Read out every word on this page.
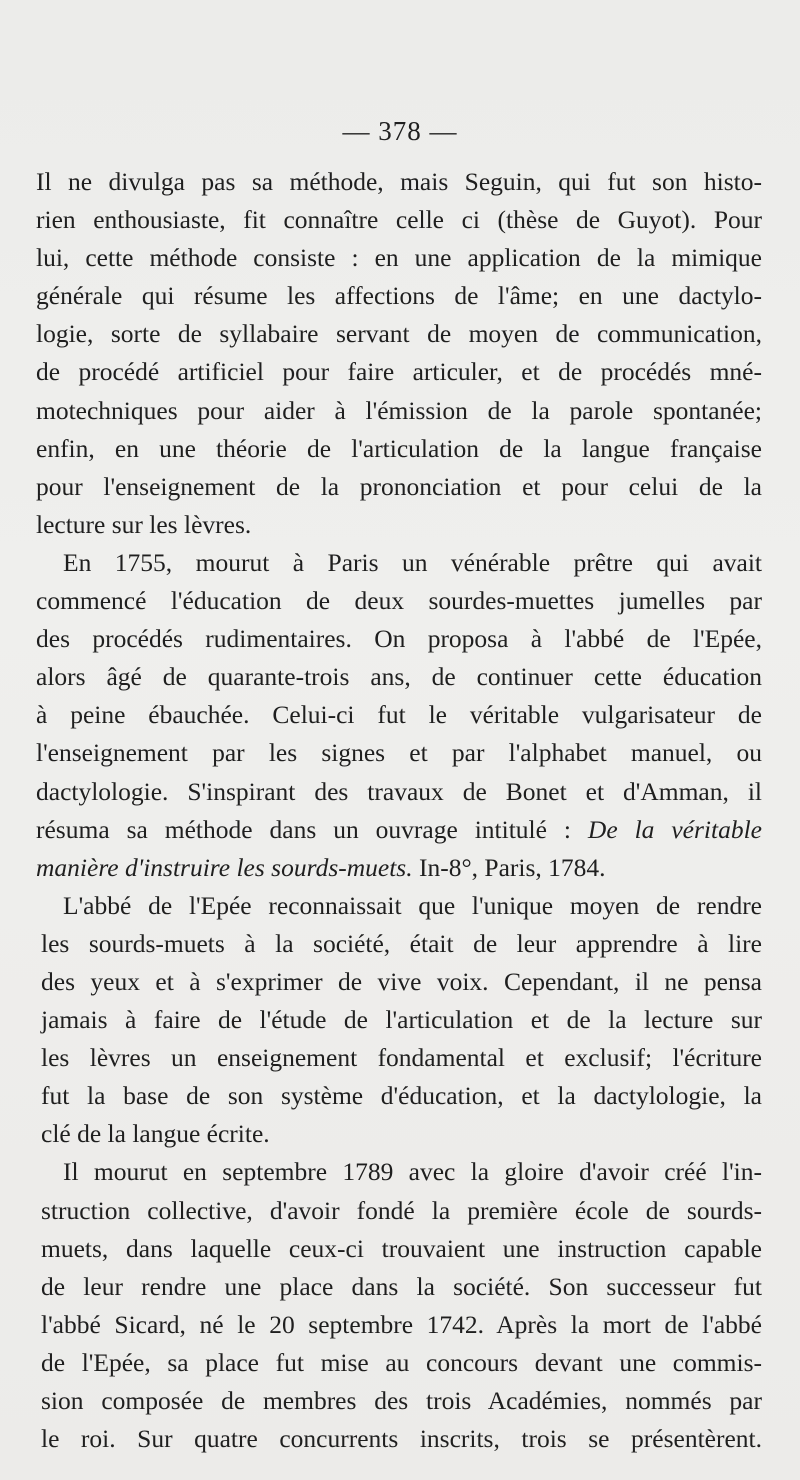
— 378 —
Il ne divulga pas sa méthode, mais Seguin, qui fut son histo-
rien enthousiaste, fit connaître celle ci (thèse de Guyot). Pour
lui, cette méthode consiste : en une application de la mimique
générale qui résume les affections de l'âme; en une dactylo-
logie, sorte de syllabaire servant de moyen de communication,
de procédé artificiel pour faire articuler, et de procédés mné-
motechniques pour aider à l'émission de la parole spontanée;
enfin, en une théorie de l'articulation de la langue française
pour l'enseignement de la prononciation et pour celui de la
lecture sur les lèvres.
En 1755, mourut à Paris un vénérable prêtre qui avait
commencé l'éducation de deux sourdes-muettes jumelles par
des procédés rudimentaires. On proposa à l'abbé de l'Epée,
alors âgé de quarante-trois ans, de continuer cette éducation
à peine ébauchée. Celui-ci fut le véritable vulgarisateur de
l'enseignement par les signes et par l'alphabet manuel, ou
dactylologie. S'inspirant des travaux de Bonet et d'Amman, il
résuma sa méthode dans un ouvrage intitulé : De la véritable
manière d'instruire les sourds-muets. In-8°, Paris, 1784.
L'abbé de l'Epée reconnaissait que l'unique moyen de rendre
les sourds-muets à la société, était de leur apprendre à lire
des yeux et à s'exprimer de vive voix. Cependant, il ne pensa
jamais à faire de l'étude de l'articulation et de la lecture sur
les lèvres un enseignement fondamental et exclusif; l'écriture
fut la base de son système d'éducation, et la dactylologie, la
clé de la langue écrite.
Il mourut en septembre 1789 avec la gloire d'avoir créé l'in-
struction collective, d'avoir fondé la première école de sourds-
muets, dans laquelle ceux-ci trouvaient une instruction capable
de leur rendre une place dans la société. Son successeur fut
l'abbé Sicard, né le 20 septembre 1742. Après la mort de l'abbé
de l'Epée, sa place fut mise au concours devant une commis-
sion composée de membres des trois Académies, nommés par
le roi. Sur quatre concurrents inscrits, trois se présentèrent.
